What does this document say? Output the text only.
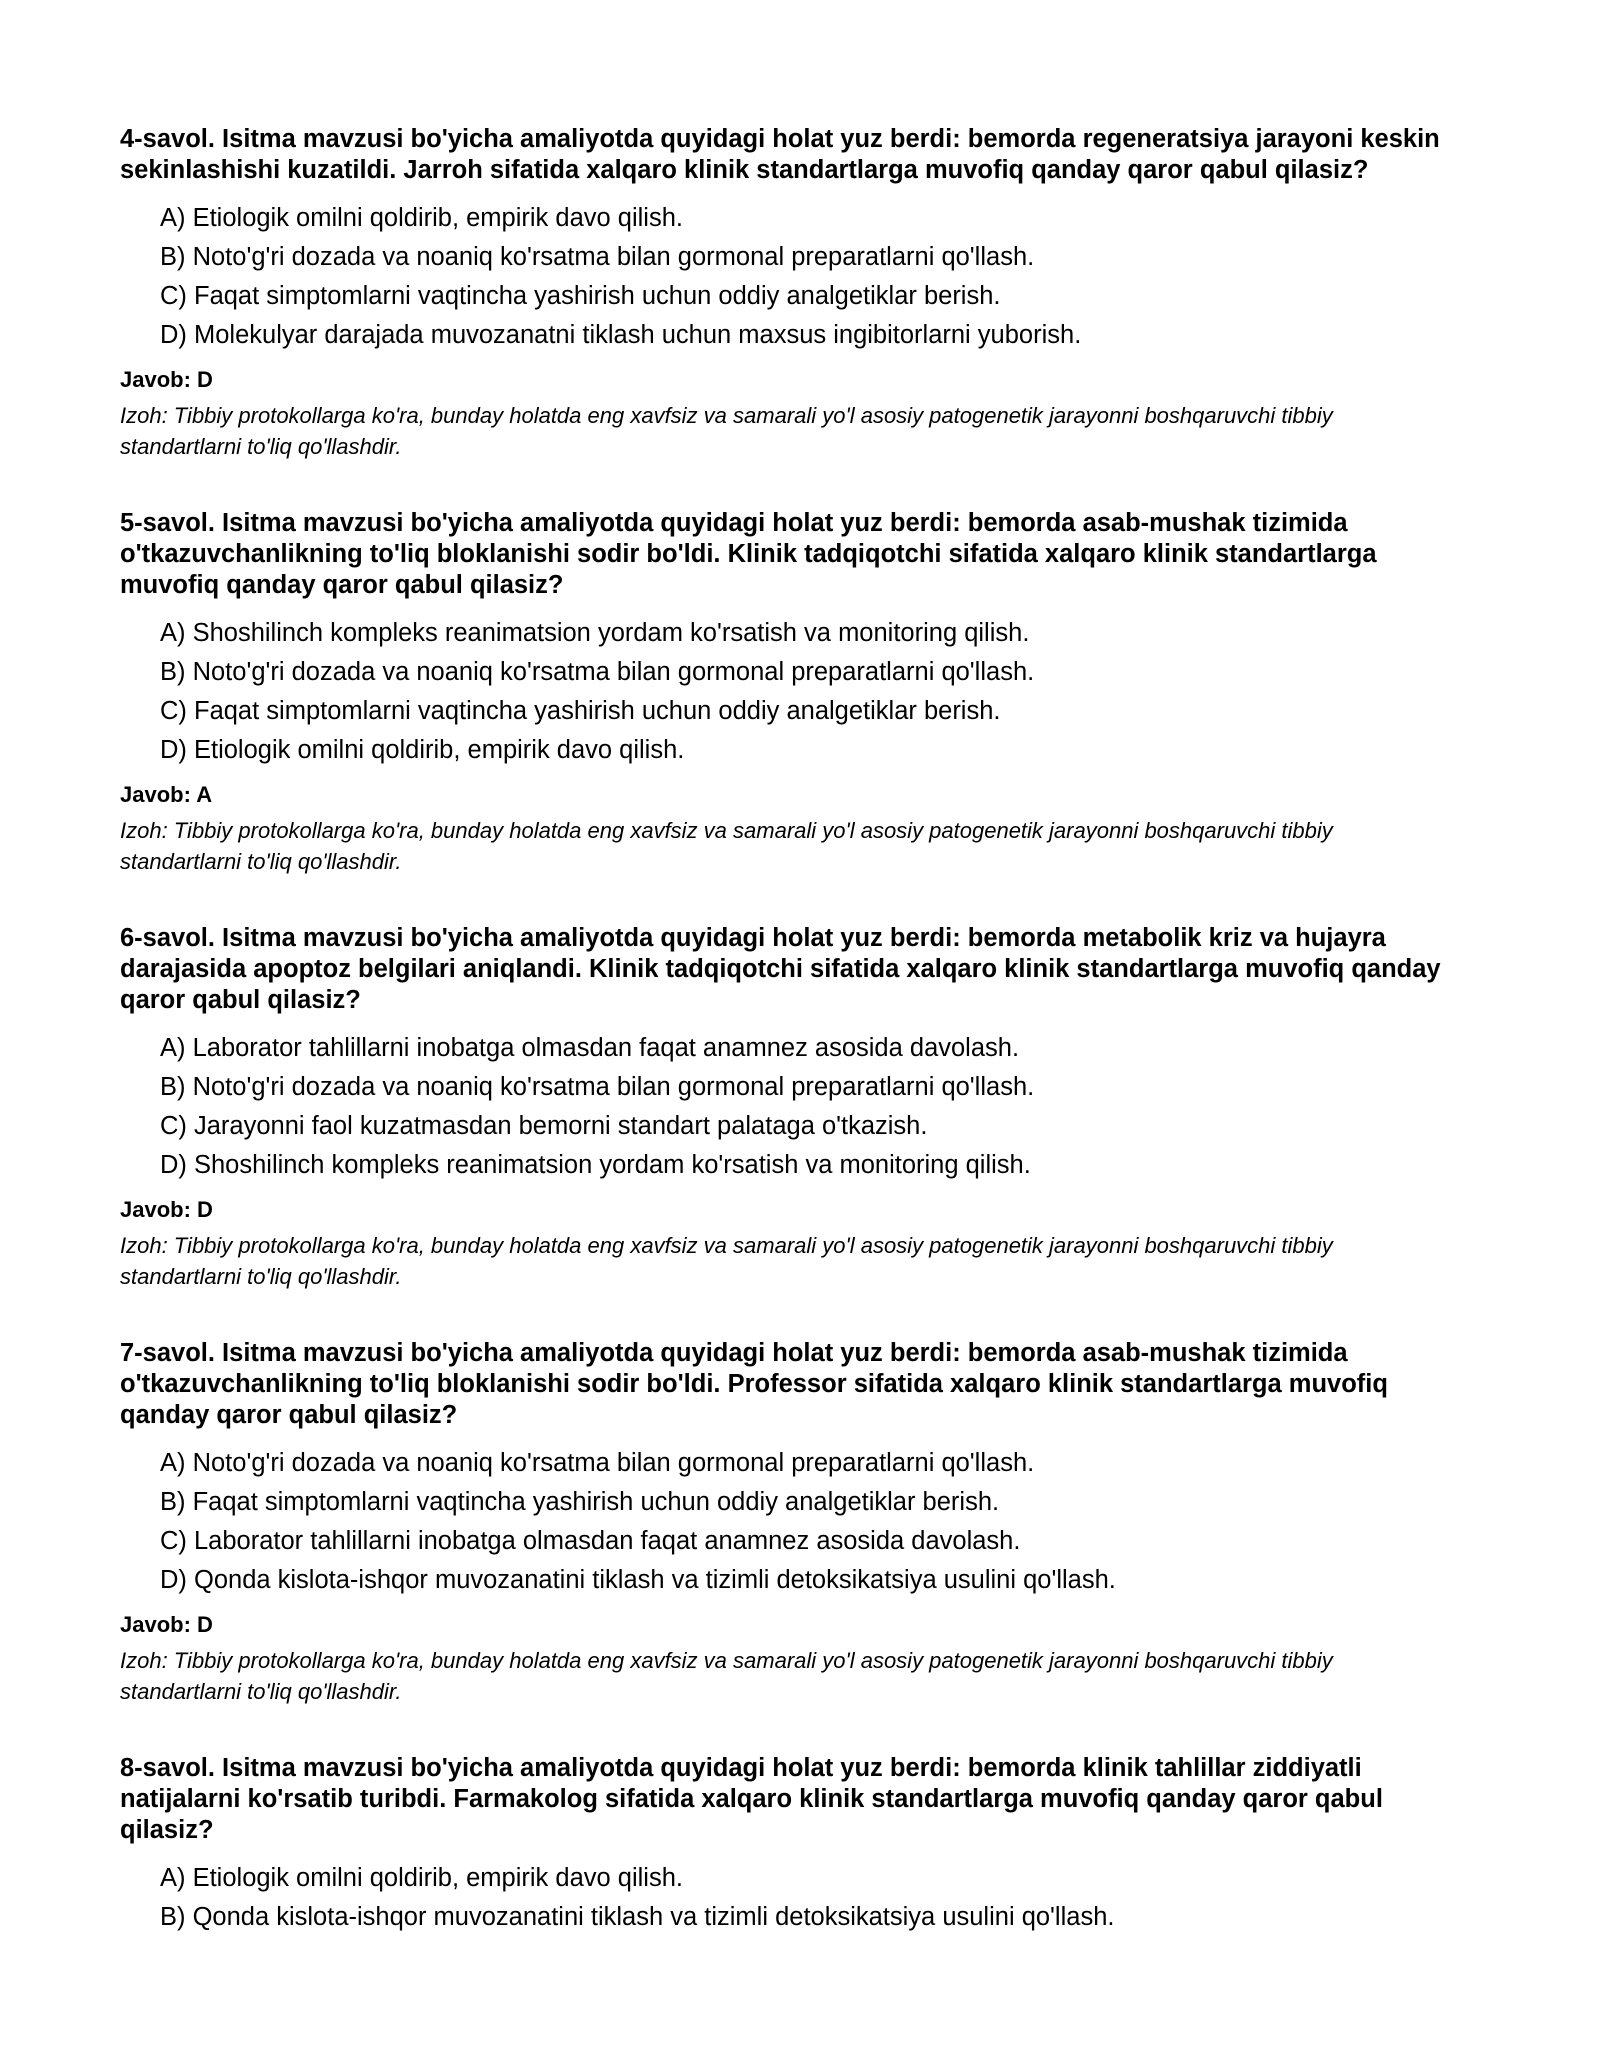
4-savol. Isitma mavzusi bo'yicha amaliyotda quyidagi holat yuz berdi: bemorda regeneratsiya jarayoni keskin sekinlashishi kuzatildi. Jarroh sifatida xalqaro klinik standartlarga muvofiq qanday qaror qabul qilasiz?
A) Etiologik omilni qoldirib, empirik davo qilish.
B) Noto'g'ri dozada va noaniq ko'rsatma bilan gormonal preparatlarni qo'llash.
C) Faqat simptomlarni vaqtincha yashirish uchun oddiy analgetiklar berish.
D) Molekulyar darajada muvozanatni tiklash uchun maxsus ingibitorlarni yuborish.
Javob: D
Izoh: Tibbiy protokollarga ko'ra, bunday holatda eng xavfsiz va samarali yo'l asosiy patogenetik jarayonni boshqaruvchi tibbiy standartlarni to'liq qo'llashdir.
5-savol. Isitma mavzusi bo'yicha amaliyotda quyidagi holat yuz berdi: bemorda asab-mushak tizimida o'tkazuvchanlikning to'liq bloklanishi sodir bo'ldi. Klinik tadqiqotchi sifatida xalqaro klinik standartlarga muvofiq qanday qaror qabul qilasiz?
A) Shoshilinch kompleks reanimatsion yordam ko'rsatish va monitoring qilish.
B) Noto'g'ri dozada va noaniq ko'rsatma bilan gormonal preparatlarni qo'llash.
C) Faqat simptomlarni vaqtincha yashirish uchun oddiy analgetiklar berish.
D) Etiologik omilni qoldirib, empirik davo qilish.
Javob: A
Izoh: Tibbiy protokollarga ko'ra, bunday holatda eng xavfsiz va samarali yo'l asosiy patogenetik jarayonni boshqaruvchi tibbiy standartlarni to'liq qo'llashdir.
6-savol. Isitma mavzusi bo'yicha amaliyotda quyidagi holat yuz berdi: bemorda metabolik kriz va hujayra darajasida apoptoz belgilari aniqlandi. Klinik tadqiqotchi sifatida xalqaro klinik standartlarga muvofiq qanday qaror qabul qilasiz?
A) Laborator tahlillarni inobatga olmasdan faqat anamnez asosida davolash.
B) Noto'g'ri dozada va noaniq ko'rsatma bilan gormonal preparatlarni qo'llash.
C) Jarayonni faol kuzatmasdan bemorni standart palataga o'tkazish.
D) Shoshilinch kompleks reanimatsion yordam ko'rsatish va monitoring qilish.
Javob: D
Izoh: Tibbiy protokollarga ko'ra, bunday holatda eng xavfsiz va samarali yo'l asosiy patogenetik jarayonni boshqaruvchi tibbiy standartlarni to'liq qo'llashdir.
7-savol. Isitma mavzusi bo'yicha amaliyotda quyidagi holat yuz berdi: bemorda asab-mushak tizimida o'tkazuvchanlikning to'liq bloklanishi sodir bo'ldi. Professor sifatida xalqaro klinik standartlarga muvofiq qanday qaror qabul qilasiz?
A) Noto'g'ri dozada va noaniq ko'rsatma bilan gormonal preparatlarni qo'llash.
B) Faqat simptomlarni vaqtincha yashirish uchun oddiy analgetiklar berish.
C) Laborator tahlillarni inobatga olmasdan faqat anamnez asosida davolash.
D) Qonda kislota-ishqor muvozanatini tiklash va tizimli detoksikatsiya usulini qo'llash.
Javob: D
Izoh: Tibbiy protokollarga ko'ra, bunday holatda eng xavfsiz va samarali yo'l asosiy patogenetik jarayonni boshqaruvchi tibbiy standartlarni to'liq qo'llashdir.
8-savol. Isitma mavzusi bo'yicha amaliyotda quyidagi holat yuz berdi: bemorda klinik tahlillar ziddiyatli natijalarni ko'rsatib turibdi. Farmakolog sifatida xalqaro klinik standartlarga muvofiq qanday qaror qabul qilasiz?
A) Etiologik omilni qoldirib, empirik davo qilish.
B) Qonda kislota-ishqor muvozanatini tiklash va tizimli detoksikatsiya usulini qo'llash.
